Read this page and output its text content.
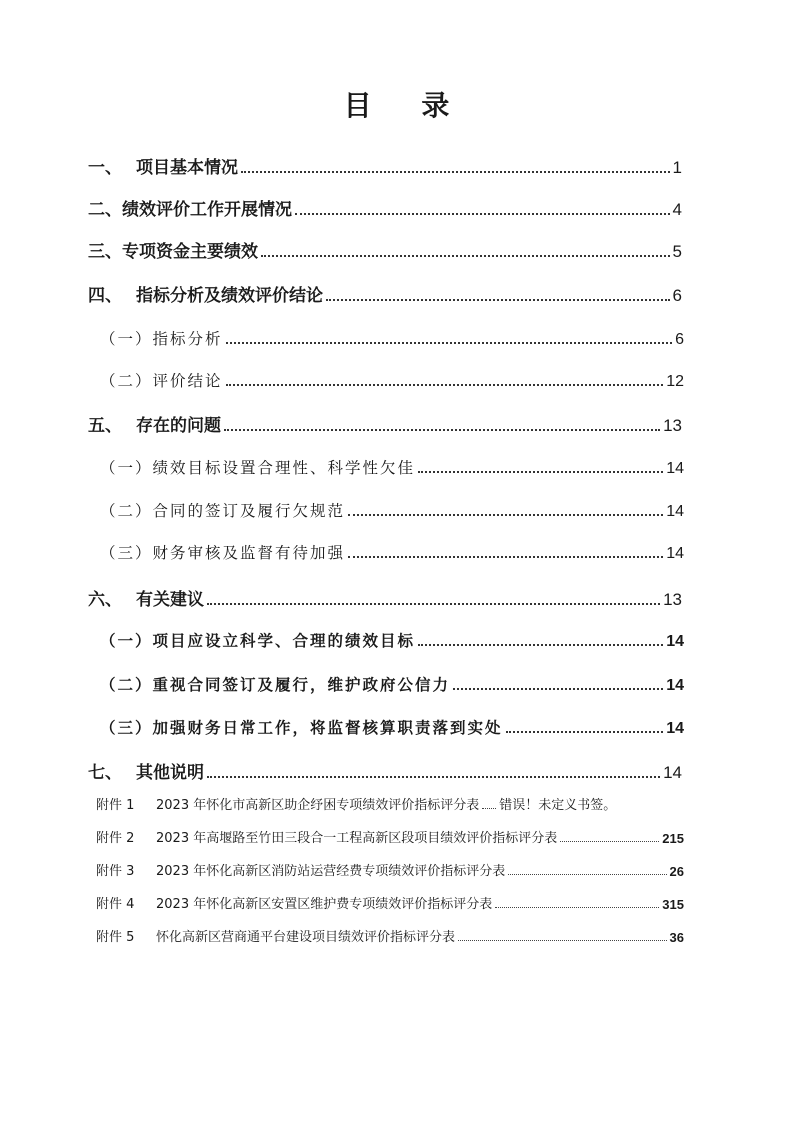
目 录
一、 项目基本情况	1
二、绩效评价工作开展情况	4
三、专项资金主要绩效	5
四、 指标分析及绩效评价结论	6
（一）指标分析	6
（二）评价结论	12
五、 存在的问题	13
（一）绩效目标设置合理性、科学性欠佳	14
（二）合同的签订及履行欠规范	14
（三）财务审核及监督有待加强	14
六、 有关建议	13
（一）项目应设立科学、合理的绩效目标	14
（二）重视合同签订及履行，维护政府公信力	14
（三）加强财务日常工作，将监督核算职责落到实处	14
七、 其他说明	14
附件 1	2023 年怀化市高新区助企纾困专项绩效评价指标评分表 错误！未定义书签。
附件 2	2023 年高堰路至竹田三段合一工程高新区段项目绩效评价指标评分表	215
附件 3	2023 年怀化高新区消防站运营经费专项绩效评价指标评分表	26
附件 4	2023 年怀化高新区安置区维护费专项绩效评价指标评分表	315
附件 5	怀化高新区营商通平台建设项目绩效评价指标评分表	36
